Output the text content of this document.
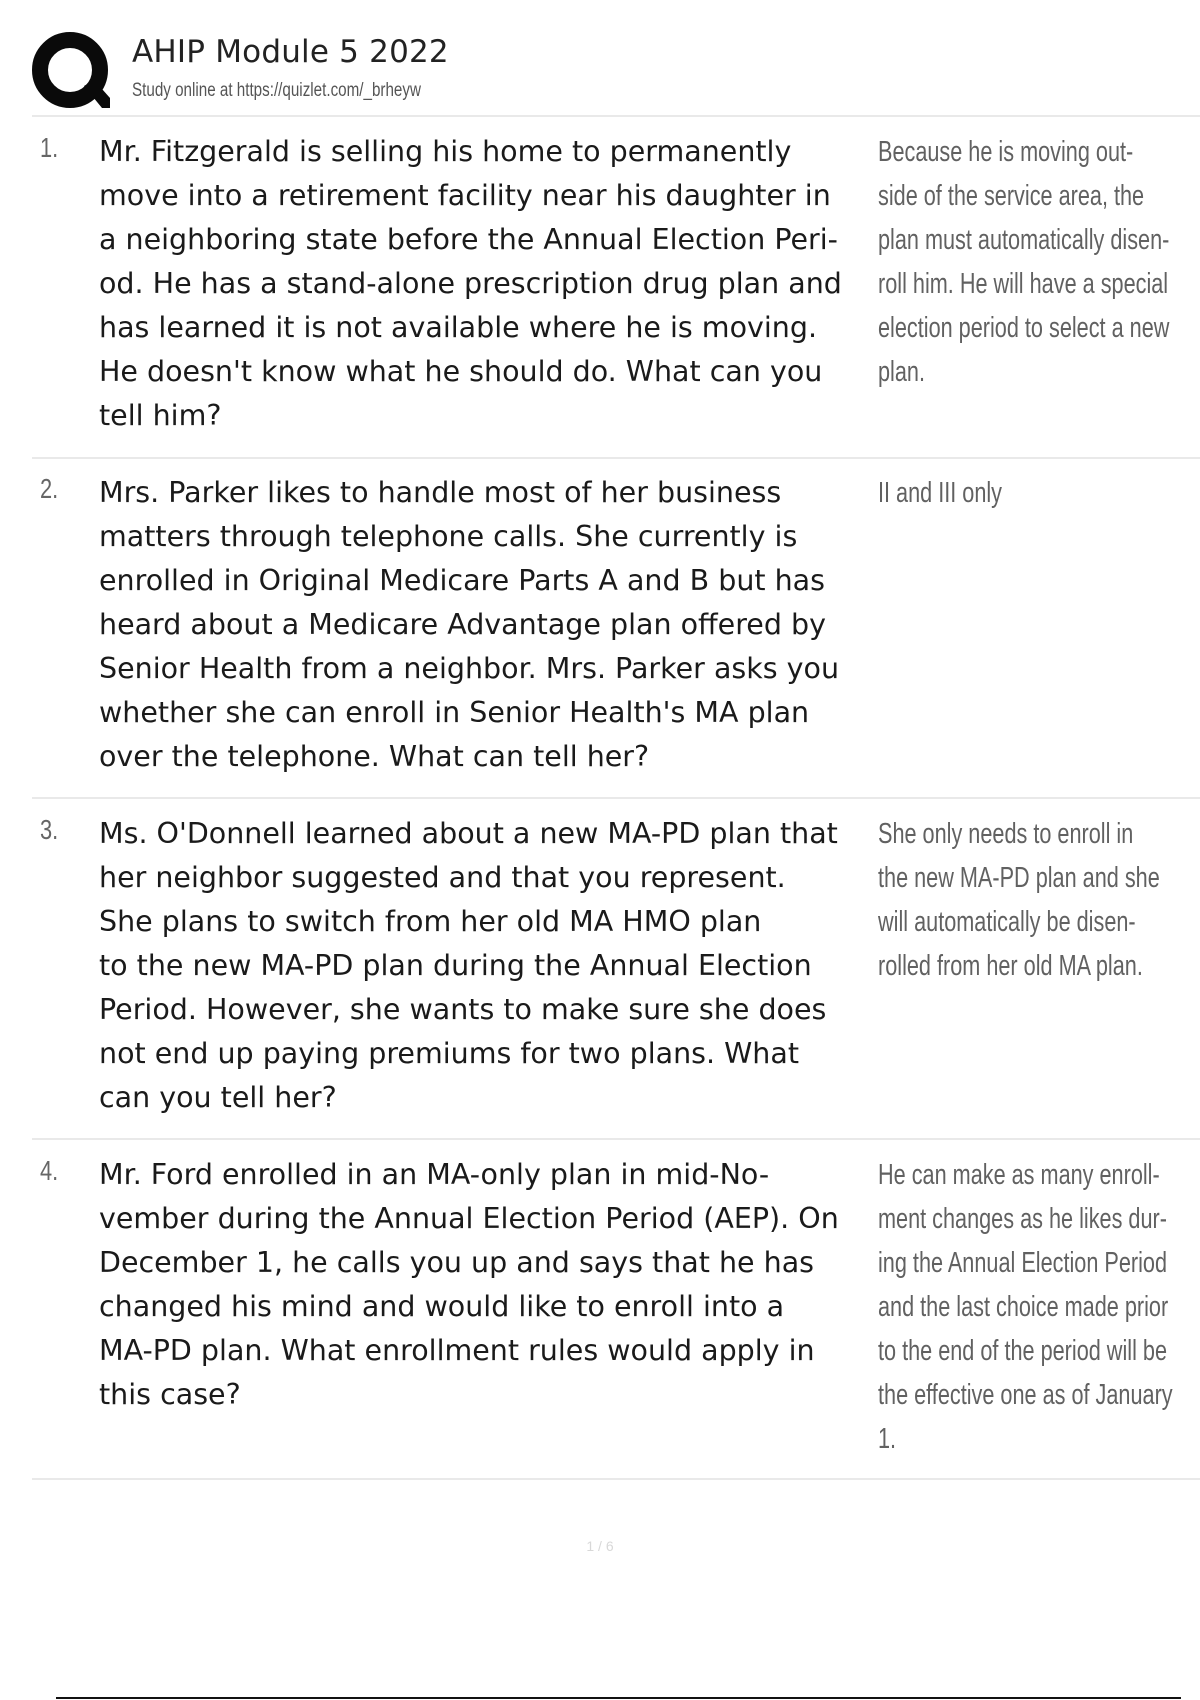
AHIP Module 5 2022
Study online at https://quizlet.com/_brheyw
1. Mr. Fitzgerald is selling his home to permanently
move into a retirement facility near his daughter in
a neighboring state before the Annual Election Peri-
od. He has a stand-alone prescription drug plan and
has learned it is not available where he is moving.
He doesn't know what he should do. What can you
tell him?

Because he is moving out-
side of the service area, the
plan must automatically disen-
roll him. He will have a special
election period to select a new
plan.

2. Mrs. Parker likes to handle most of her business
matters through telephone calls. She currently is
enrolled in Original Medicare Parts A and B but has
heard about a Medicare Advantage plan offered by
Senior Health from a neighbor. Mrs. Parker asks you
whether she can enroll in Senior Health's MA plan
over the telephone. What can tell her?

II and III only

3. Ms. O'Donnell learned about a new MA-PD plan that
her neighbor suggested and that you represent.
She plans to switch from her old MA HMO plan
to the new MA-PD plan during the Annual Election
Period. However, she wants to make sure she does
not end up paying premiums for two plans. What
can you tell her?

She only needs to enroll in
the new MA-PD plan and she
will automatically be disen-
rolled from her old MA plan.

4. Mr. Ford enrolled in an MA-only plan in mid-No-
vember during the Annual Election Period (AEP). On
December 1, he calls you up and says that he has
changed his mind and would like to enroll into a
MA-PD plan. What enrollment rules would apply in
this case?

He can make as many enroll-
ment changes as he likes dur-
ing the Annual Election Period
and the last choice made prior
to the end of the period will be
the effective one as of January
1.

1 / 6
